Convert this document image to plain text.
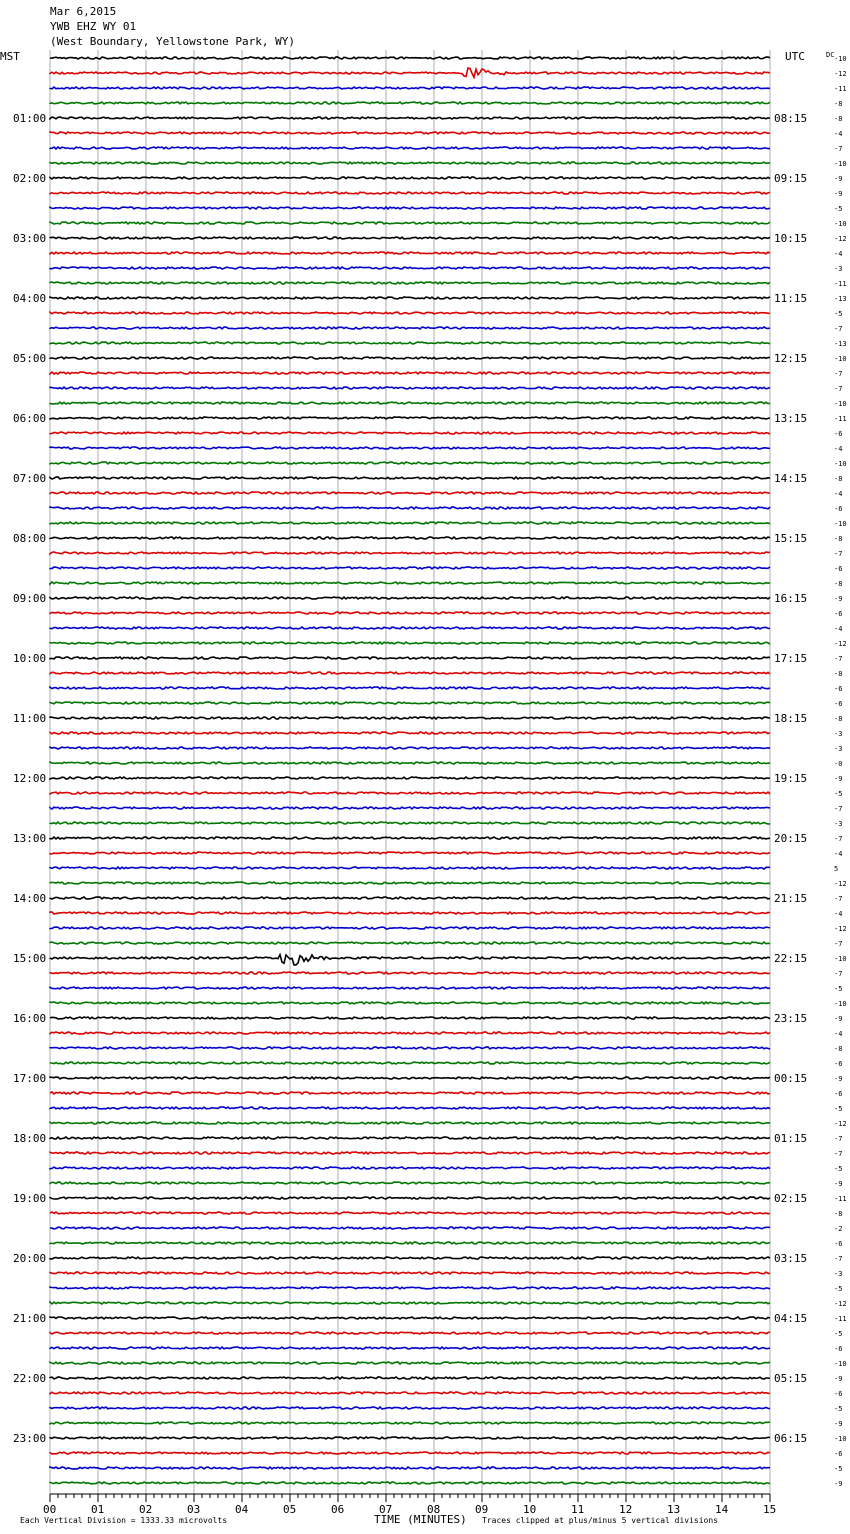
Mar 6,2015
YWB EHZ WY 01
(West Boundary, Yellowstone Park, WY)
MST	UTC	DC -10
-12
-11
-8
-8
01:00	08:15
-4
-7
-10
-9
02:00	09:15
-9
-5
-10
-12
03:00	10:15
-4
-3
-11
-13
04:00	11:15
-5
-7
-13
-10
05:00	12:15
-7
-7
-10
-11
06:00	13:15
-6
-4
-10
-8
07:00	14:15
-4
-6
-10
-8
08:00	15:15
-7
-6
-8
-9
09:00	16:15
-6
-4
-12
-7
10:00	17:15
-8
-6
-6
-8
11:00	18:15
-3
-3
-0
-9
12:00	19:15
-5
-7
-3
-7
13:00	20:15
-4
5
-12
-7
14:00	21:15
-4
-12
-7
-10
15:00	22:15
-7
-5
-10
-9
16:00	23:15
-4
-8
-6
-9
17:00	00:15
-6
-5
-12
-7
18:00	01:15
-7
-5
-9
-11
19:00	02:15
-8
-2
-6
-7
20:00	03:15
-3
-5
-12
-11
21:00	04:15
-5
-6
-10
-9
22:00	05:15
-6
-5
-9
-10
23:00	06:15
-6
-5
-9
00	01	02	03	04	05	06	07	08	09	10	11	12	13	14	15
TIME (MINUTES)
Each Vertical Division = 1333.33 microvolts	Traces clipped at plus/minus 5 vertical divisions
